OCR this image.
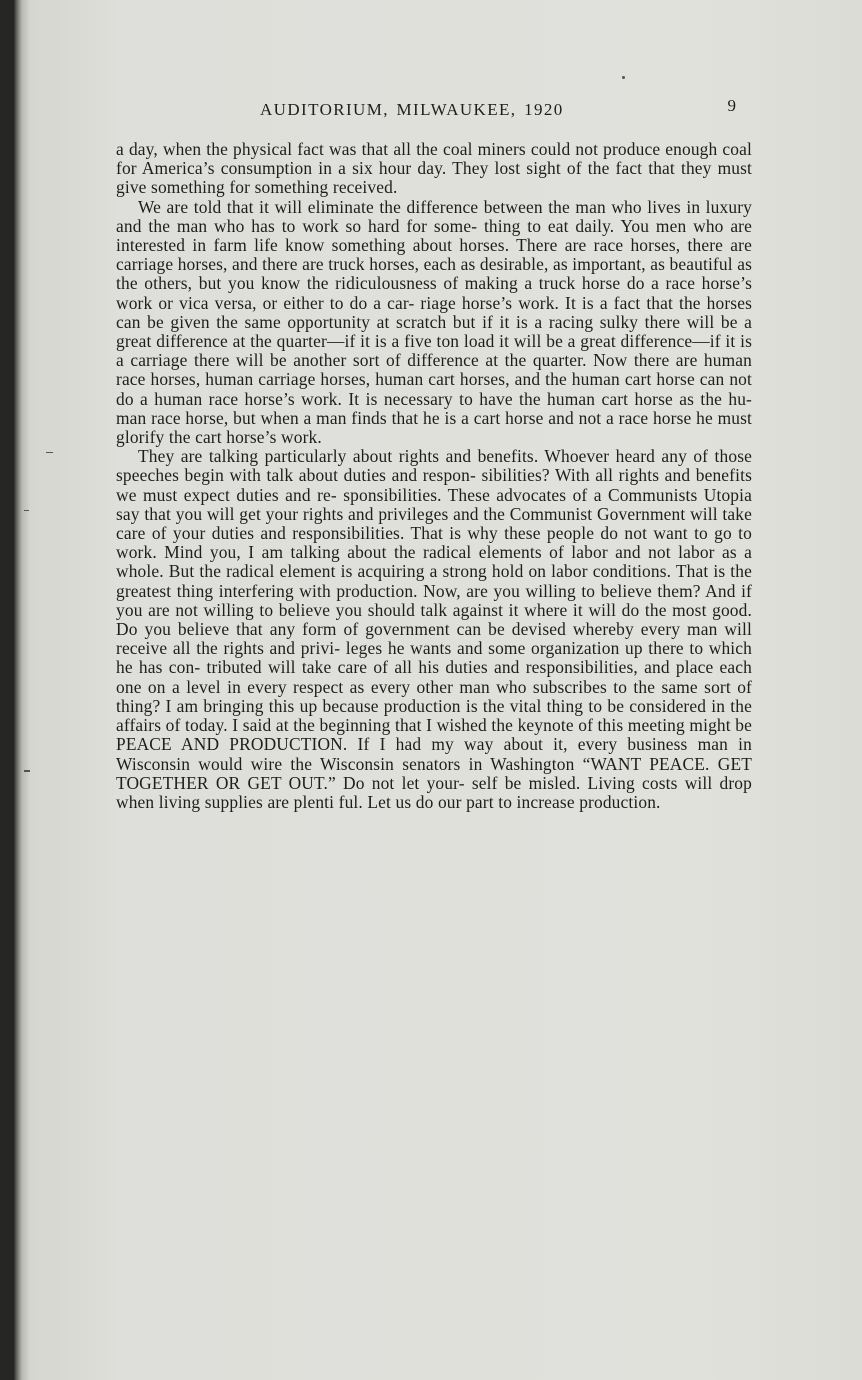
AUDITORIUM, MILWAUKEE, 1920	9

a day, when the physical fact was that all the coal miners could not produce enough coal for America’s consumption in a six hour day. They lost sight of the fact that they must give something for something received.

We are told that it will eliminate the difference between the man who lives in luxury and the man who has to work so hard for some- thing to eat daily. You men who are interested in farm life know something about horses. There are race horses, there are carriage horses, and there are truck horses, each as desirable, as important, as beautiful as the others, but you know the ridiculousness of making a truck horse do a race horse’s work or vica versa, or either to do a car- riage horse’s work. It is a fact that the horses can be given the same opportunity at scratch but if it is a racing sulky there will be a great difference at the quarter—if it is a five ton load it will be a great difference—if it is a carriage there will be another sort of difference at the quarter. Now there are human race horses, human carriage horses, human cart horses, and the human cart horse can not do a human race horse’s work. It is necessary to have the human cart horse as the hu- man race horse, but when a man finds that he is a cart horse and not a race horse he must glorify the cart horse’s work.

They are talking particularly about rights and benefits. Whoever heard any of those speeches begin with talk about duties and respon- sibilities? With all rights and benefits we must expect duties and re- sponsibilities. These advocates of a Communists Utopia say that you will get your rights and privileges and the Communist Government will take care of your duties and responsibilities. That is why these people do not want to go to work. Mind you, I am talking about the radical elements of labor and not labor as a whole. But the radical element is acquiring a strong hold on labor conditions. That is the greatest thing interfering with production. Now, are you willing to believe them? And if you are not willing to believe you should talk against it where it will do the most good. Do you believe that any form of government can be devised whereby every man will receive all the rights and privi- leges he wants and some organization up there to which he has con- tributed will take care of all his duties and responsibilities, and place each one on a level in every respect as every other man who subscribes to the same sort of thing? I am bringing this up because production is the vital thing to be considered in the affairs of today. I said at the beginning that I wished the keynote of this meeting might be PEACE AND PRODUCTION. If I had my way about it, every business man in Wisconsin would wire the Wisconsin senators in Washington “WANT PEACE. GET TOGETHER OR GET OUT.” Do not let your- self be misled. Living costs will drop when living supplies are plenti ful. Let us do our part to increase production.
